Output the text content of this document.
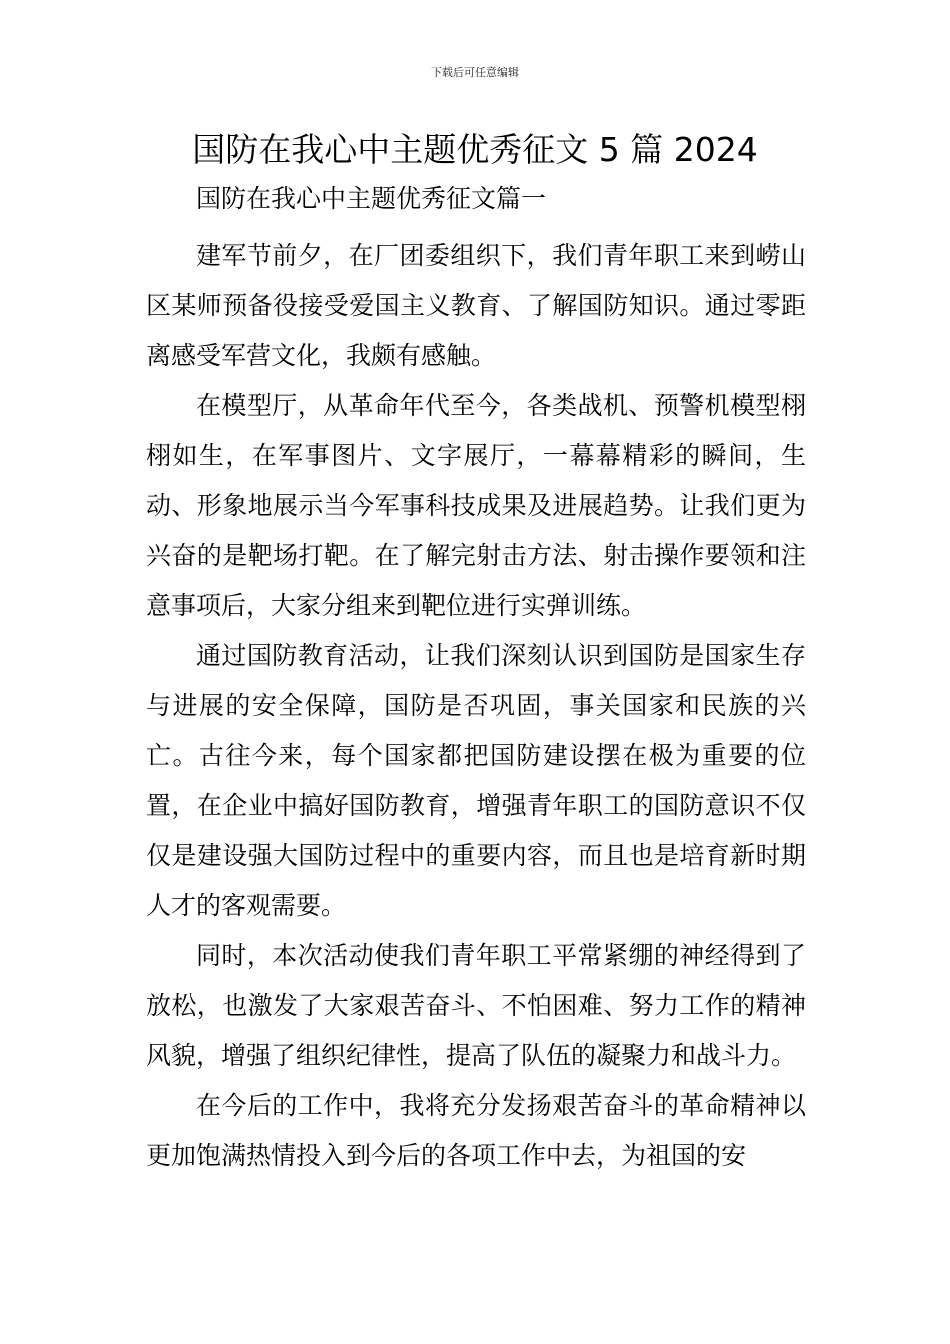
下载后可任意编辑
国防在我心中主题优秀征文 5 篇 2024
国防在我心中主题优秀征文篇一

建军节前夕，在厂团委组织下，我们青年职工来到崂山区某师预备役接受爱国主义教育、了解国防知识。通过零距离感受军营文化，我颇有感触。

在模型厅，从革命年代至今，各类战机、预警机模型栩栩如生，在军事图片、文字展厅，一幕幕精彩的瞬间，生动、形象地展示当今军事科技成果及进展趋势。让我们更为兴奋的是靶场打靶。在了解完射击方法、射击操作要领和注意事项后，大家分组来到靶位进行实弹训练。

通过国防教育活动，让我们深刻认识到国防是国家生存与进展的安全保障，国防是否巩固，事关国家和民族的兴亡。古往今来，每个国家都把国防建设摆在极为重要的位置，在企业中搞好国防教育，增强青年职工的国防意识不仅仅是建设强大国防过程中的重要内容，而且也是培育新时期人才的客观需要。

同时，本次活动使我们青年职工平常紧绷的神经得到了放松，也激发了大家艰苦奋斗、不怕困难、努力工作的精神风貌，增强了组织纪律性，提高了队伍的凝聚力和战斗力。

在今后的工作中，我将充分发扬艰苦奋斗的革命精神以更加饱满热情投入到今后的各项工作中去，为祖国的安
